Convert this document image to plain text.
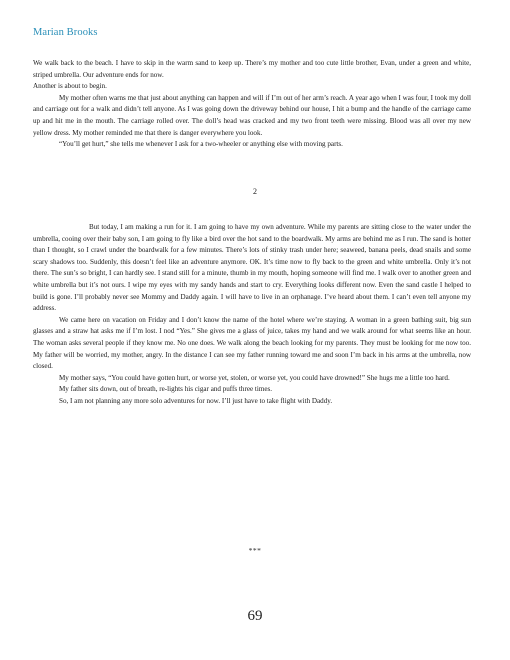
Marian Brooks

We walk back to the beach. I have to skip in the warm sand to keep up. There’s my mother and too cute little brother, Evan, under a green and white, striped umbrella. Our adventure ends for now.

Another is about to begin.

My mother often warns me that just about anything can happen and will if I’m out of her arm’s reach. A year ago when I was four, I took my doll and carriage out for a walk and didn’t tell anyone. As I was going down the driveway behind our house, I hit a bump and the handle of the carriage came up and hit me in the mouth. The carriage rolled over. The doll’s head was cracked and my two front teeth were missing. Blood was all over my new yellow dress. My mother reminded me that there is danger everywhere you look.

“You’ll get hurt,” she tells me whenever I ask for a two-wheeler or anything else with moving parts.

2

But today, I am making a run for it. I am going to have my own adventure. While my parents are sitting close to the water under the umbrella, cooing over their baby son, I am going to fly like a bird over the hot sand to the boardwalk. My arms are behind me as I run. The sand is hotter than I thought, so I crawl under the boardwalk for a few minutes. There’s lots of stinky trash under here; seaweed, banana peels, dead snails and some scary shadows too. Suddenly, this doesn’t feel like an adventure anymore. OK. It’s time now to fly back to the green and white umbrella. Only it’s not there. The sun’s so bright, I can hardly see. I stand still for a minute, thumb in my mouth, hoping someone will find me. I walk over to another green and white umbrella but it’s not ours. I wipe my eyes with my sandy hands and start to cry. Everything looks different now. Even the sand castle I helped to build is gone. I’ll probably never see Mommy and Daddy again. I will have to live in an orphanage. I’ve heard about them. I can’t even tell anyone my address.

We came here on vacation on Friday and I don’t know the name of the hotel where we’re staying. A woman in a green bathing suit, big sun glasses and a straw hat asks me if I’m lost. I nod “Yes.” She gives me a glass of juice, takes my hand and we walk around for what seems like an hour. The woman asks several people if they know me. No one does. We walk along the beach looking for my parents. They must be looking for me now too. My father will be worried, my mother, angry. In the distance I can see my father running toward me and soon I’m back in his arms at the umbrella, now closed.

My mother says, “You could have gotten hurt, or worse yet, stolen, or worse yet, you could have drowned!” She hugs me a little too hard.

My father sits down, out of breath, re-lights his cigar and puffs three times.

So, I am not planning any more solo adventures for now. I’ll just have to take flight with Daddy.

***
69
